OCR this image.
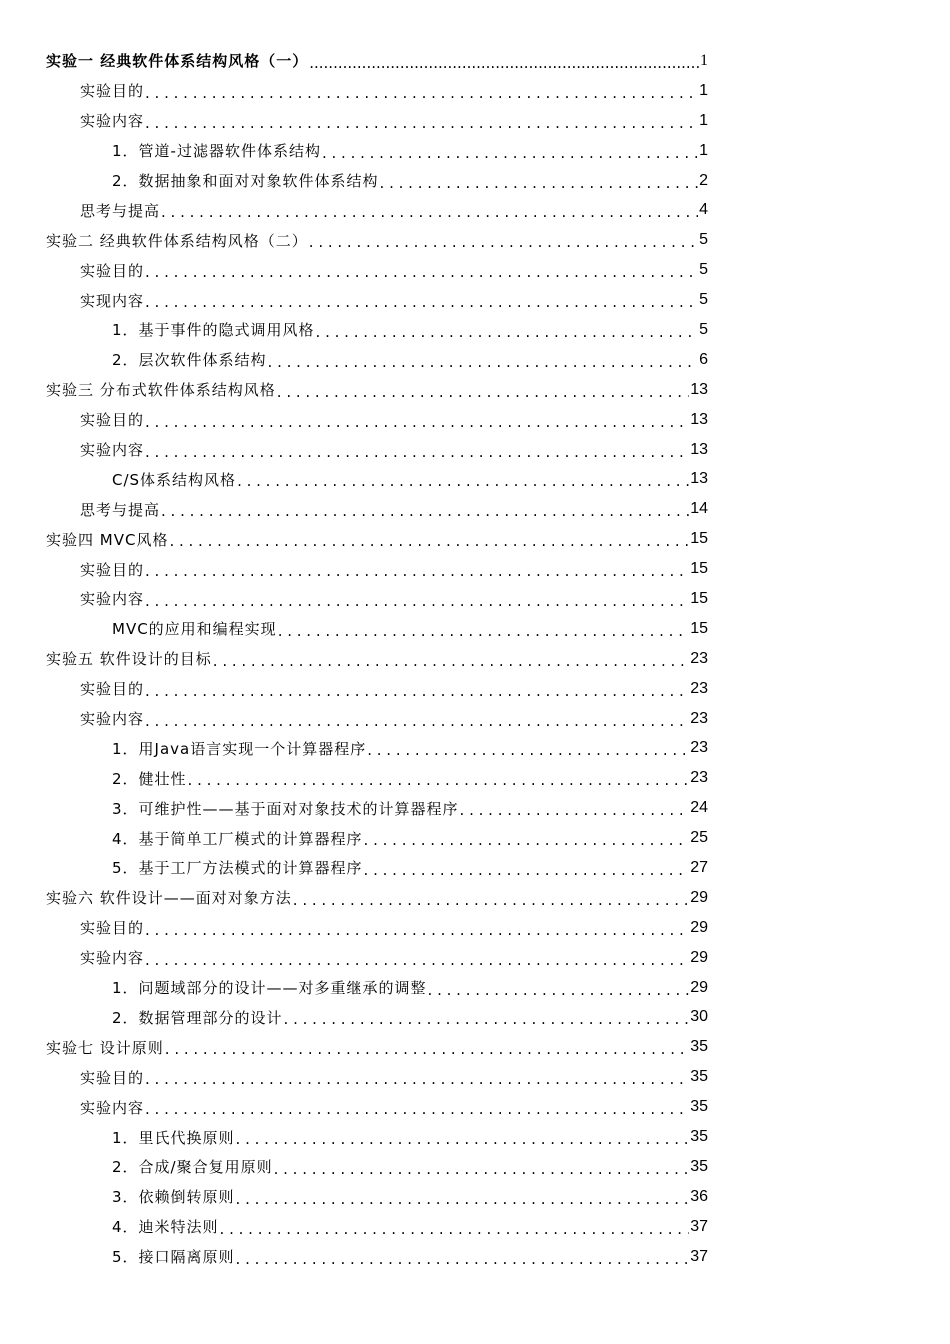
实验一 经典软件体系结构风格（一） .....	1
实验目的 . . .	1
实验内容 . . .	1
1．管道-过滤器软件体系结构 . . .	1
2．数据抽象和面对对象软件体系结构 . . .	2
思考与提高 . . .	4
实验二 经典软件体系结构风格（二） . . .	5
实验目的 . . .	5
实现内容 . . .	5
1．基于事件的隐式调用风格 . . .	5
2．层次软件体系结构 . . .	6
实验三 分布式软件体系结构风格 . . .	13
实验目的 . . .	13
实验内容 . . .	13
C/S体系结构风格 . . .	13
思考与提高 . . .	14
实验四 MVC风格 . . .	15
实验目的 . . .	15
实验内容 . . .	15
MVC的应用和编程实现 . . .	15
实验五 软件设计的目标 . . .	23
实验目的 . . .	23
实验内容 . . .	23
1．用Java语言实现一个计算器程序 . . .	23
2．健壮性 . . .	23
3．可维护性——基于面对对象技术的计算器程序 . . .	24
4．基于简单工厂模式的计算器程序 . . .	25
5．基于工厂方法模式的计算器程序 . . .	27
实验六 软件设计——面对对象方法 . . .	29
实验目的 . . .	29
实验内容 . . .	29
1．问题域部分的设计——对多重继承的调整 . . .	29
2．数据管理部分的设计 . . .	30
实验七 设计原则 . . .	35
实验目的 . . .	35
实验内容 . . .	35
1．里氏代换原则 . . .	35
2．合成/聚合复用原则 . . .	35
3．依赖倒转原则 . . .	36
4．迪米特法则 . . .	37
5．接口隔离原则 . . .	37
